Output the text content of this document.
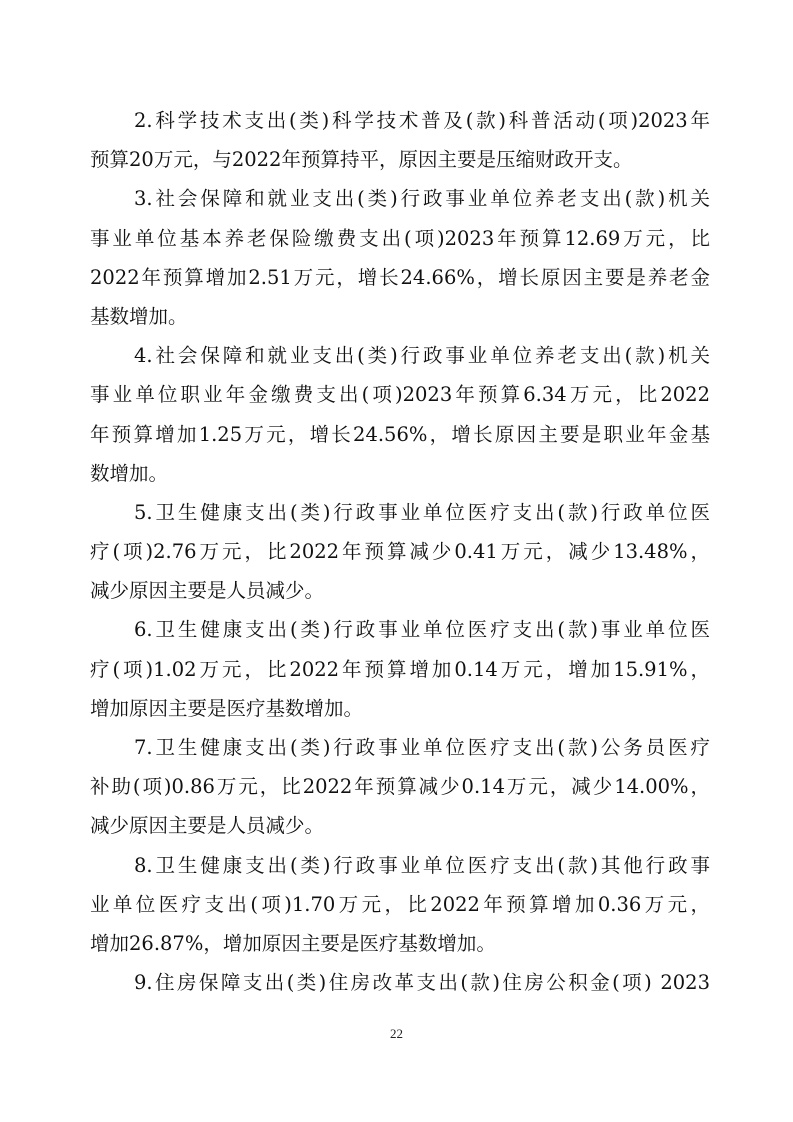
2.科学技术支出(类)科学技术普及(款)科普活动(项)2023年
预算20万元，与2022年预算持平，原因主要是压缩财政开支。
3.社会保障和就业支出(类)行政事业单位养老支出(款)机关
事业单位基本养老保险缴费支出(项)2023年预算12.69万元，比
2022年预算增加2.51万元，增长24.66%，增长原因主要是养老金
基数增加。
4.社会保障和就业支出(类)行政事业单位养老支出(款)机关
事业单位职业年金缴费支出(项)2023年预算6.34万元，比2022
年预算增加1.25万元，增长24.56%，增长原因主要是职业年金基
数增加。
5.卫生健康支出(类)行政事业单位医疗支出(款)行政单位医
疗(项)2.76万元，比2022年预算减少0.41万元，减少13.48%，
减少原因主要是人员减少。
6.卫生健康支出(类)行政事业单位医疗支出(款)事业单位医
疗(项)1.02万元，比2022年预算增加0.14万元，增加15.91%，
增加原因主要是医疗基数增加。
7.卫生健康支出(类)行政事业单位医疗支出(款)公务员医疗
补助(项)0.86万元，比2022年预算减少0.14万元，减少14.00%，
减少原因主要是人员减少。
8.卫生健康支出(类)行政事业单位医疗支出(款)其他行政事
业单位医疗支出(项)1.70万元，比2022年预算增加0.36万元，
增加26.87%，增加原因主要是医疗基数增加。
9.住房保障支出(类)住房改革支出(款)住房公积金(项) 2023
22
